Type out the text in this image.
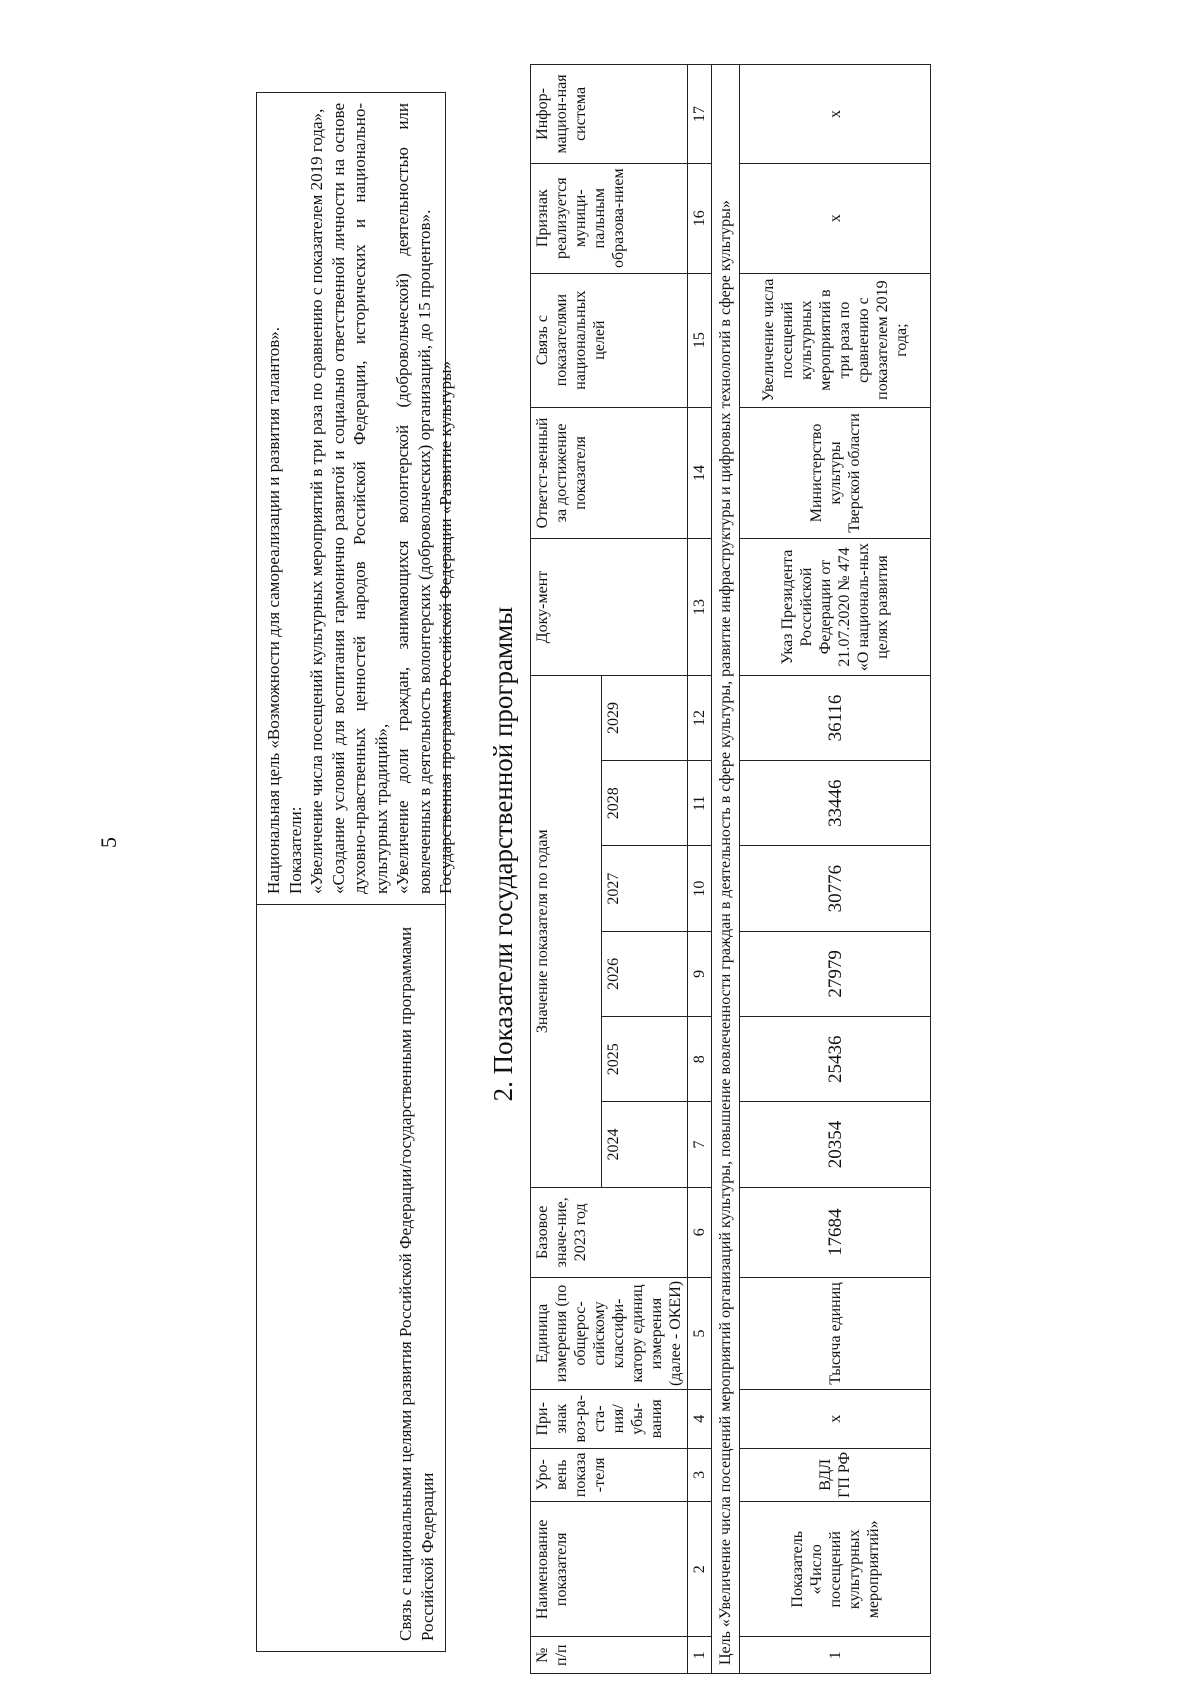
5

Связь с национальными целями развития Российской Федерации/государственными программами Российской Федерации

Национальная цель «Возможности для самореализации и развития талантов». Показатели: «Увеличение числа посещений культурных мероприятий в три раза по сравнению с показателем 2019 года», «Создание условий для воспитания гармонично развитой и социально ответственной личности на основе духовно-нравственных ценностей народов Российской Федерации, исторических и национально-культурных традиций», «Увеличение доли граждан, занимающихся волонтерской (добровольческой) деятельностью или вовлеченных в деятельность волонтерских (добровольческих) организаций, до 15 процентов». Государственная программа Российской Федерации «Развитие культуры» 2. Показатели государственной программы
№ п/п	Наименование показателя	Уро-вень показа-теля	При-знак воз-ра-ста-ния/ убы-вания	Единица измерения (по общерос-сийскому классифи-катору единиц измерения (далее - ОКЕИ)	Базовое значе-ние, 2023 год	Значение показателя по годам						Доку-мент	Ответст-венный за достижение показателя	Связь с показателями национальных целей	Признак реализуется муници-пальным образова-нием	Инфор-мацион-ная система
						2024	2025	2026	2027	2028	2029					
1	2	3	4	5	6	7	8	9	10	11	12	13	14	15	16	17
Цель «Увеличение числа посещений мероприятий организаций культуры, повышение вовлеченности граждан в деятельность в сфере культуры, развитие инфраструктуры и цифровых технологий в сфере культуры»																
1	Показатель «Число посещений культурных мероприятий»	ВДЛ ГП РФ	х	Тысяча единиц	17684	20354	25436	27979	30776	33446	36116	Указ Президента Российской Федерации от 21.07.2020 № 474 «О националь-ных целях развития	Министерство культуры Тверской области	Увеличение числа посещений культурных мероприятий в три раза по сравнению с показателем 2019 года;	х	х
